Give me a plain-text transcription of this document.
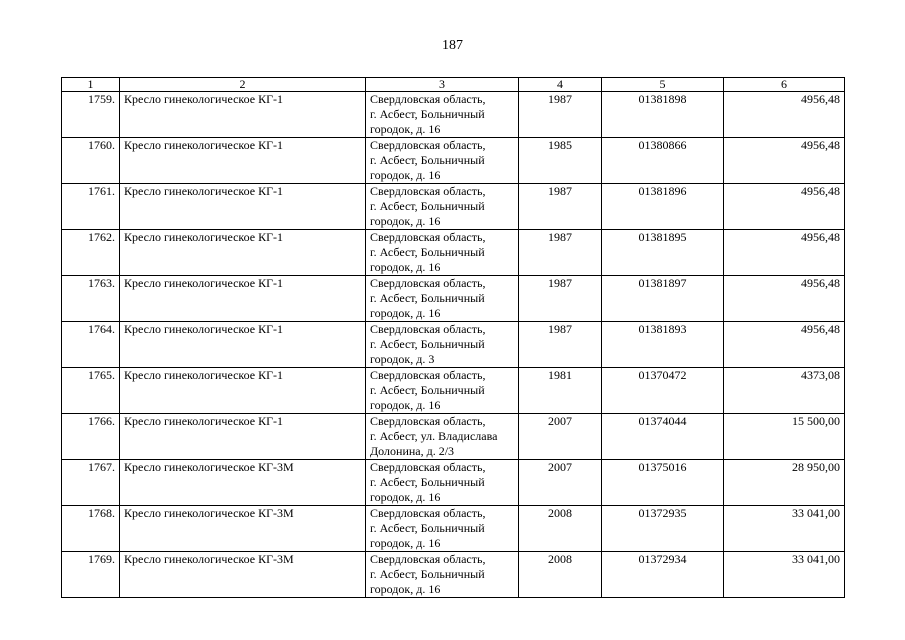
187
1	2	3	4	5	6
1759.	Кресло гинекологическое КГ-1	Свердловская область,
г. Асбест, Больничный
городок, д. 16	1987	01381898	4956,48
1760.	Кресло гинекологическое КГ-1	Свердловская область,
г. Асбест, Больничный
городок, д. 16	1985	01380866	4956,48
1761.	Кресло гинекологическое КГ-1	Свердловская область,
г. Асбест, Больничный
городок, д. 16	1987	01381896	4956,48
1762.	Кресло гинекологическое КГ-1	Свердловская область,
г. Асбест, Больничный
городок, д. 16	1987	01381895	4956,48
1763.	Кресло гинекологическое КГ-1	Свердловская область,
г. Асбест, Больничный
городок, д. 16	1987	01381897	4956,48
1764.	Кресло гинекологическое КГ-1	Свердловская область,
г. Асбест, Больничный
городок, д. 3	1987	01381893	4956,48
1765.	Кресло гинекологическое КГ-1	Свердловская область,
г. Асбест, Больничный
городок, д. 16	1981	01370472	4373,08
1766.	Кресло гинекологическое КГ-1	Свердловская область,
г. Асбест, ул. Владислава
Долонина, д. 2/3	2007	01374044	15 500,00
1767.	Кресло гинекологическое КГ-3М	Свердловская область,
г. Асбест, Больничный
городок, д. 16	2007	01375016	28 950,00
1768.	Кресло гинекологическое КГ-3М	Свердловская область,
г. Асбест, Больничный
городок, д. 16	2008	01372935	33 041,00
1769.	Кресло гинекологическое КГ-3М	Свердловская область,
г. Асбест, Больничный
городок, д. 16	2008	01372934	33 041,00
